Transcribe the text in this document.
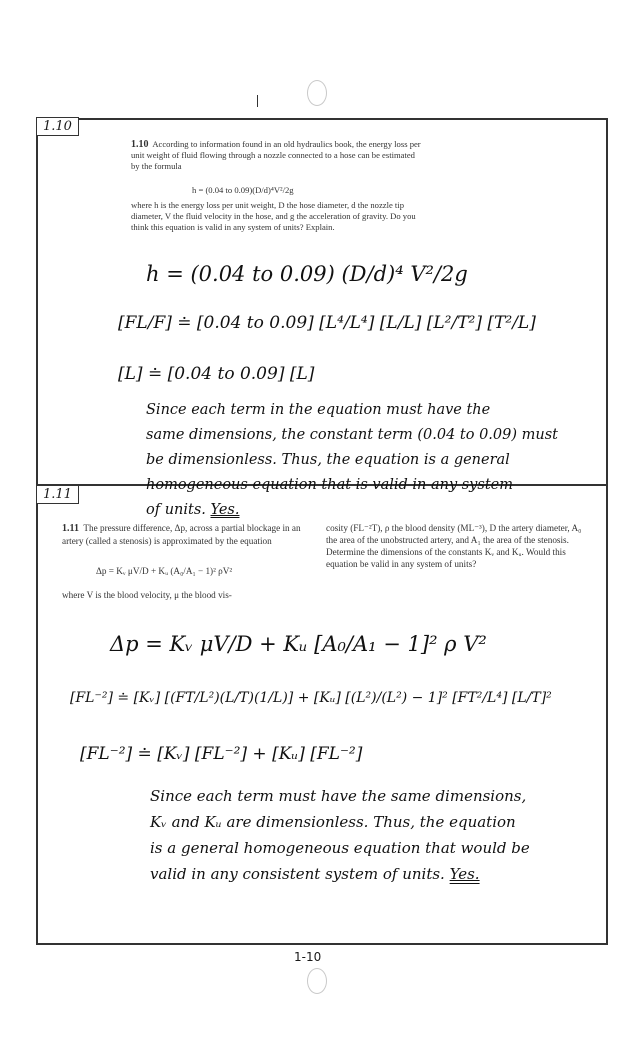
1.10
1.10 According to information found in an old hydraulics book, the energy loss per unit weight of fluid flowing through a nozzle connected to a hose can be estimated by the formula
h = (0.04 to 0.09)(D/d)⁴V²/2g
where h is the energy loss per unit weight, D the hose diameter, d the nozzle tip diameter, V the fluid velocity in the hose, and g the acceleration of gravity. Do you think this equation is valid in any system of units? Explain.
h = (0.04 to 0.09) (D/d)⁴ V²/2g
[FL/F] ≐ [0.04 to 0.09] [L⁴/L⁴] [L/L] [L²/T²] [T²/L]
[L] ≐ [0.04 to 0.09] [L]
Since each term in the equation must have the
same dimensions, the constant term (0.04 to 0.09) must
be dimensionless. Thus, the equation is a general
homogeneous equation that is valid in any system
of units. Yes.
1.11
1.11 The pressure difference, Δp, across a partial blockage in an artery (called a stenosis) is approximated by the equation
Δp = Kᵥ μV/D + Kᵤ (A₀/A₁ − 1)² ρV²
where V is the blood velocity, μ the blood vis-
cosity (FL⁻²T), ρ the blood density (ML⁻³), D the artery diameter, A₀ the area of the unobstructed artery, and A₁ the area of the stenosis. Determine the dimensions of the constants Kᵥ and Kᵤ. Would this equation be valid in any system of units?
Δp = Kᵥ μV/D + Kᵤ [A₀/A₁ − 1]² ρ V²
[FL⁻²] ≐ [Kᵥ] [(FT/L²)(L/T)(1/L)] + [Kᵤ] [(L²)/(L²) − 1]² [FT²/L⁴] [L/T]²
[FL⁻²] ≐ [Kᵥ] [FL⁻²] + [Kᵤ] [FL⁻²]
Since each term must have the same dimensions,
Kᵥ and Kᵤ are dimensionless. Thus, the equation
is a general homogeneous equation that would be
valid in any consistent system of units. Yes.
1-10
